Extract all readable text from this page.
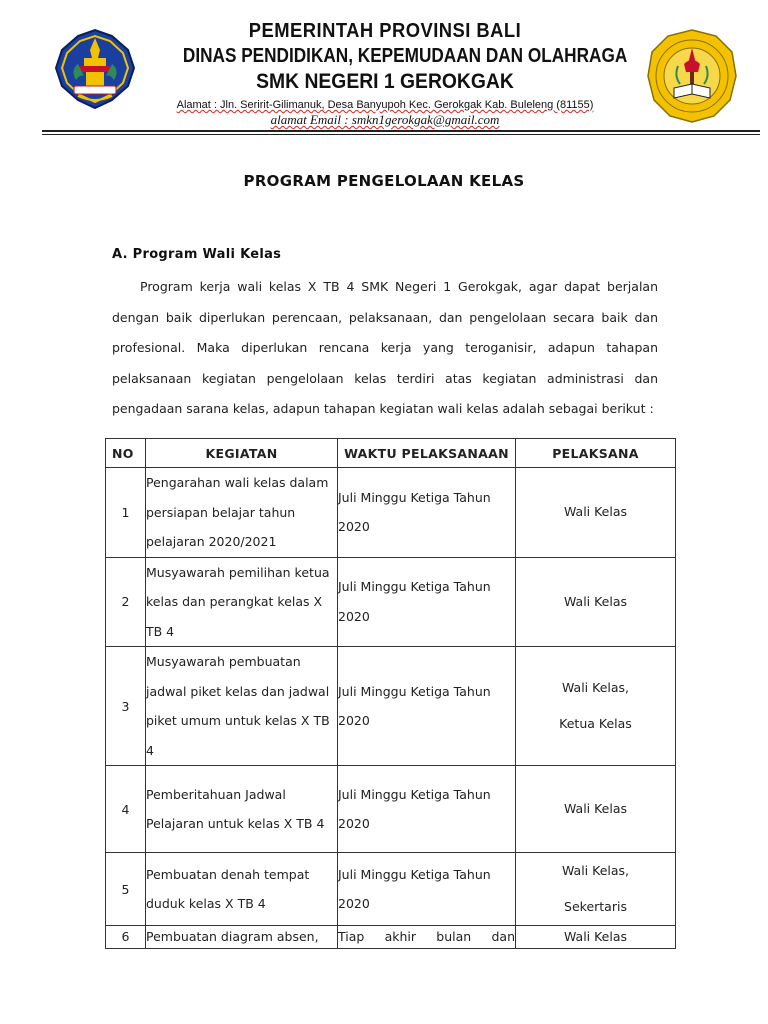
PEMERINTAH PROVINSI BALI
DINAS PENDIDIKAN, KEPEMUDAAN DAN OLAHRAGA
SMK NEGERI 1 GEROKGAK
Alamat : Jln. Seririt-Gilimanuk, Desa Banyupoh Kec. Gerokgak Kab. Buleleng (81155)
alamat Email : smkn1gerokgak@gmail.com
PROGRAM PENGELOLAAN KELAS
A. Program Wali Kelas
Program kerja wali kelas X TB 4 SMK Negeri 1 Gerokgak, agar dapat berjalan dengan baik diperlukan perencaan, pelaksanaan, dan pengelolaan secara baik dan profesional. Maka diperlukan rencana kerja yang teroganisir, adapun tahapan pelaksanaan kegiatan pengelolaan kelas terdiri atas kegiatan administrasi dan pengadaan sarana kelas, adapun tahapan kegiatan wali kelas adalah sebagai berikut :
NO	KEGIATAN	WAKTU PELAKSANAAN	PELAKSANA
1	Pengarahan wali kelas dalam persiapan belajar tahun pelajaran 2020/2021	Juli Minggu Ketiga Tahun 2020	Wali Kelas
2	Musyawarah pemilihan ketua kelas dan perangkat kelas X TB 4	Juli Minggu Ketiga Tahun 2020	Wali Kelas
3	Musyawarah pembuatan jadwal piket kelas dan jadwal piket umum untuk kelas X TB 4	Juli Minggu Ketiga Tahun 2020	Wali Kelas,
Ketua Kelas

4	Pemberitahuan Jadwal Pelajaran untuk kelas X TB 4	Juli Minggu Ketiga Tahun 2020	Wali Kelas
5	Pembuatan denah tempat duduk kelas X TB 4	Juli Minggu Ketiga Tahun 2020	Wali Kelas,
Sekertaris

6	Pembuatan diagram absen,	Tiap akhir bulan dan	Wali Kelas
